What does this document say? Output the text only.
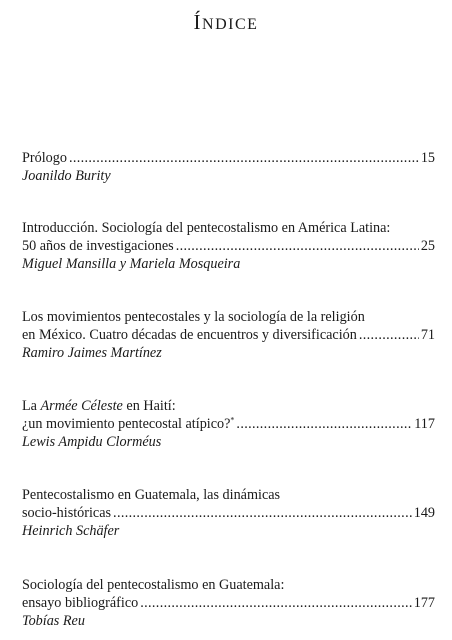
ÍNDICE
Prólogo . . .	15
Joanildo Burity
Introducción. Sociología del pentecostalismo en América Latina:
50 años de investigaciones . . .	25
Miguel Mansilla y Mariela Mosqueira
Los movimientos pentecostales y la sociología de la religión
en México. Cuatro décadas de encuentros y diversificación . . .	71
Ramiro Jaimes Martínez
La Armée Céleste en Haití:
¿un movimiento pentecostal atípico?* . . .	117
Lewis Ampidu Clorméus
Pentecostalismo en Guatemala, las dinámicas
socio-históricas . . .	149
Heinrich Schäfer
Sociología del pentecostalismo en Guatemala:
ensayo bibliográfico . . .	177
Tobías Reu
